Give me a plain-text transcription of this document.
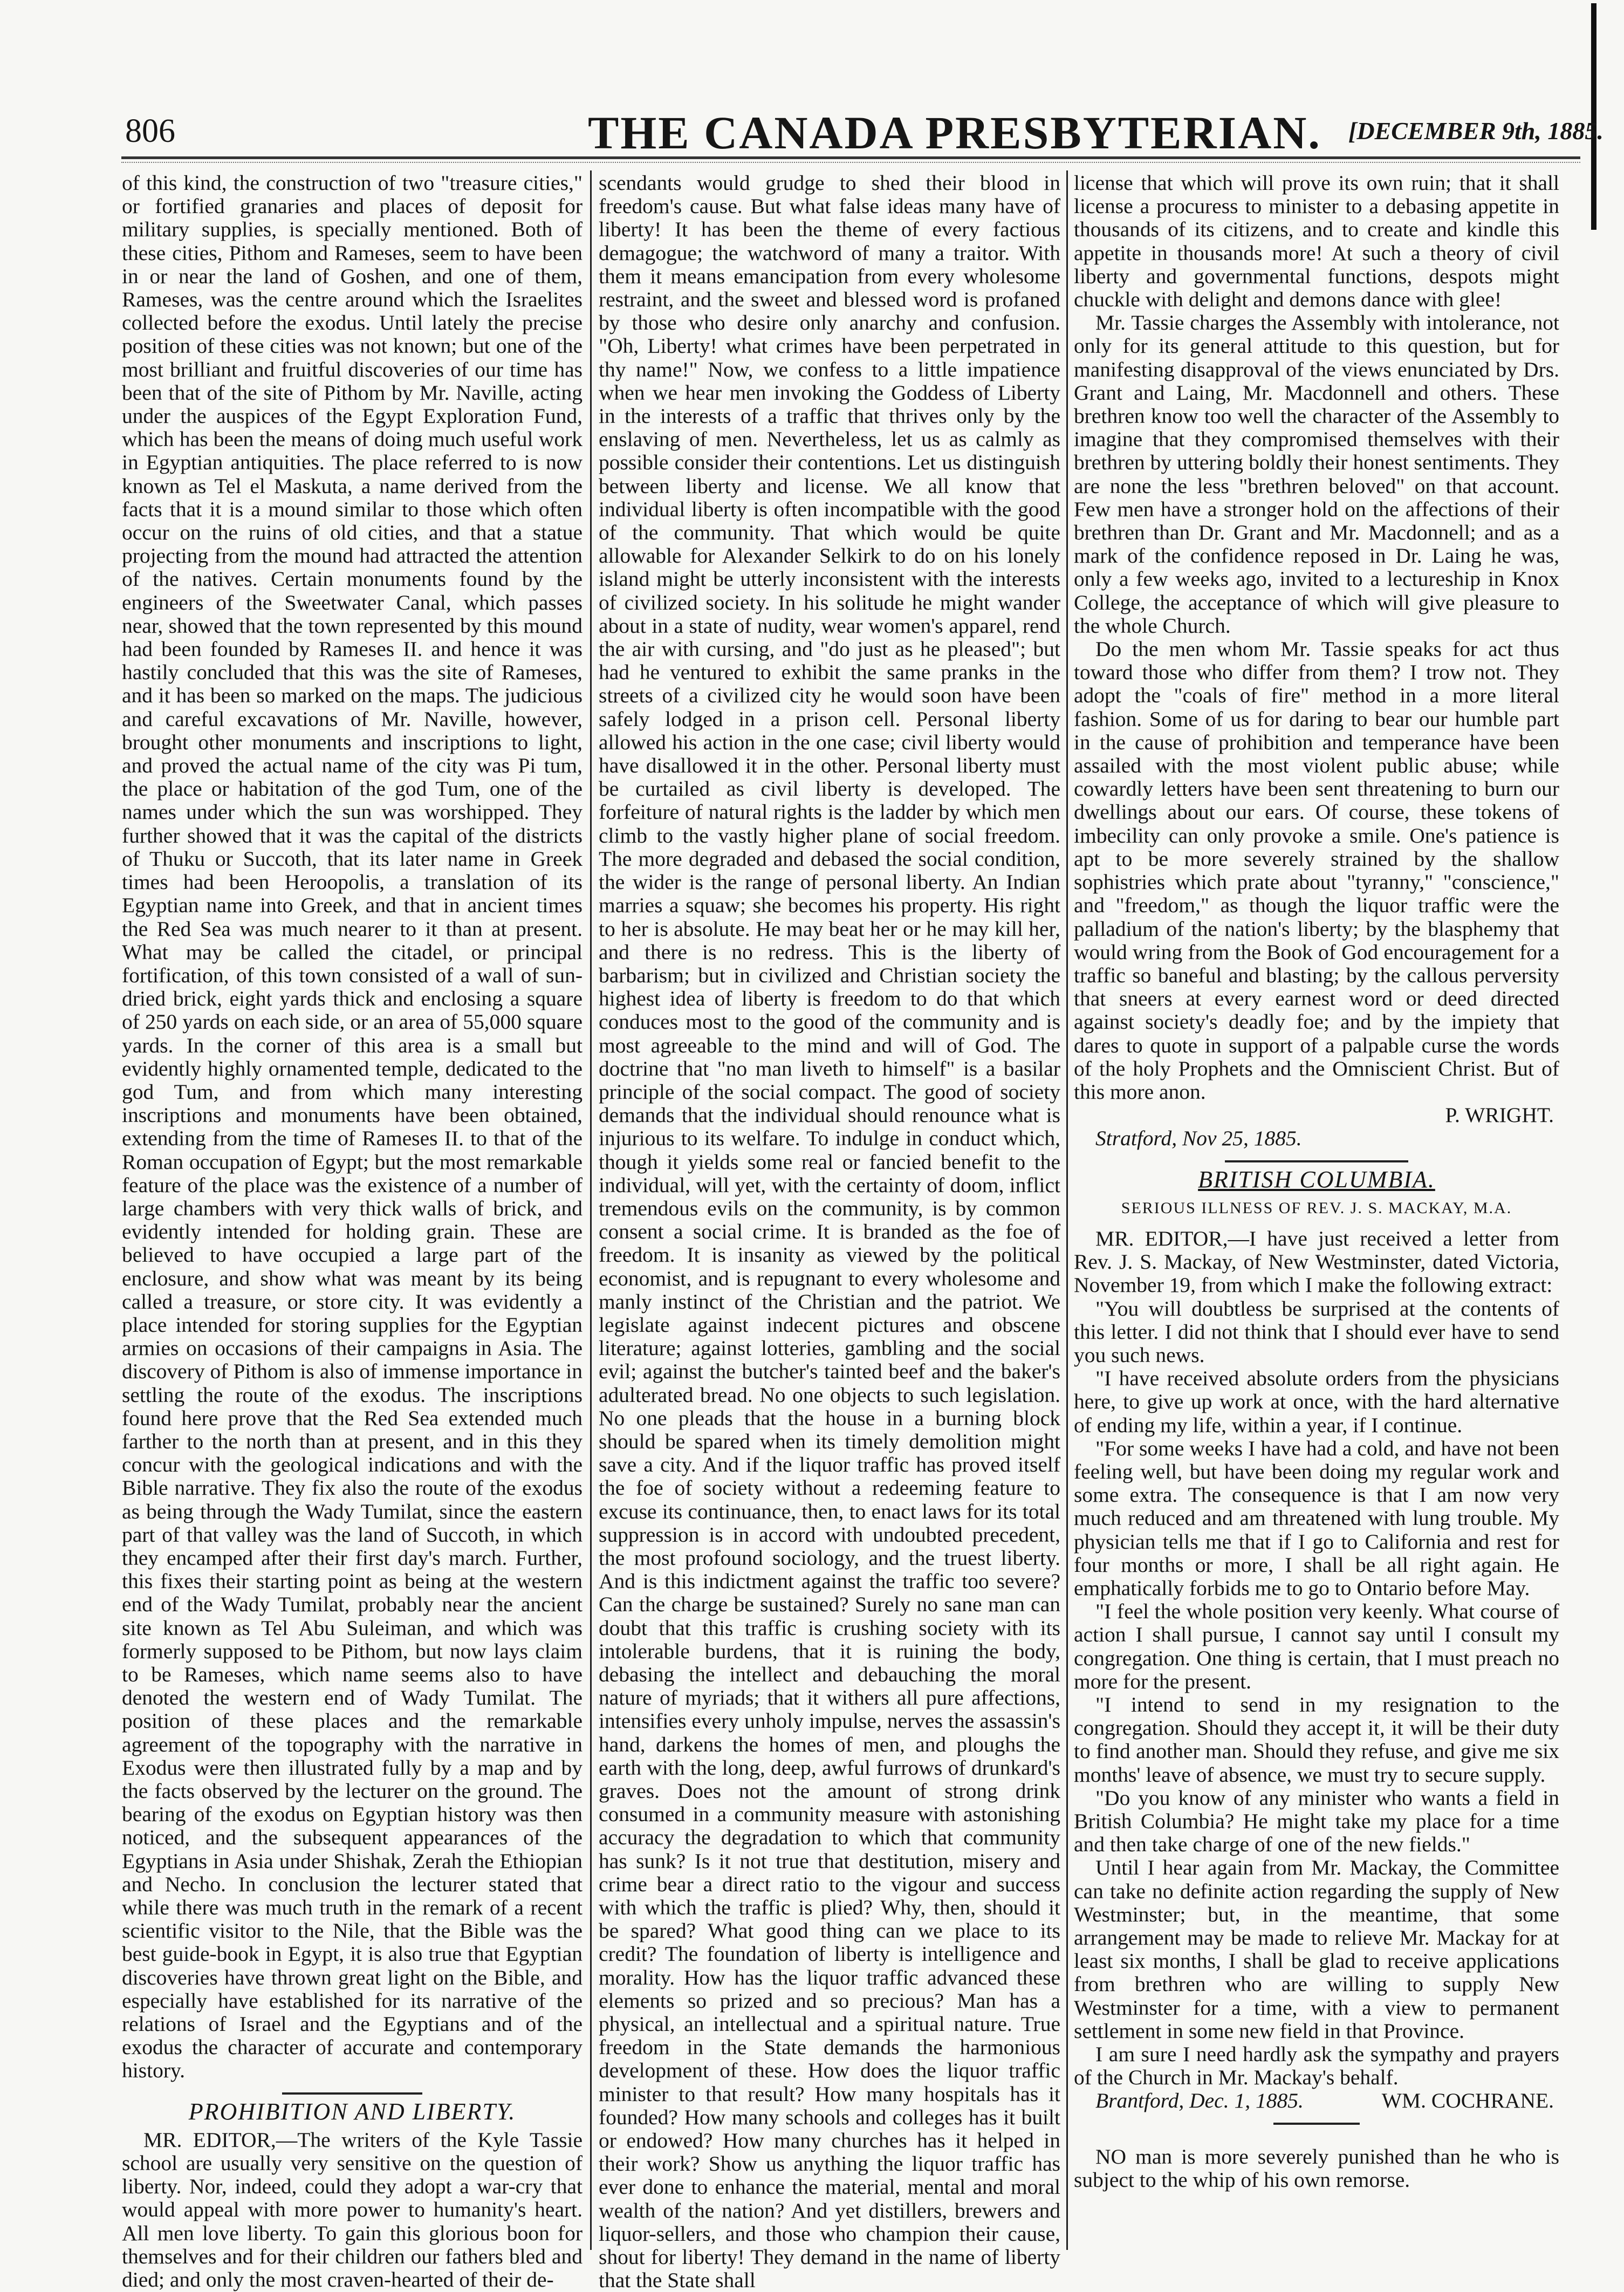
806	THE CANADA PRESBYTERIAN. [DECEMBER 9th, 1885.

of this kind, the construction of two "treasure cities," or fortified granaries and places of deposit for military supplies, is specially mentioned. Both of these cities, Pithom and Rameses, seem to have been in or near the land of Goshen, and one of them, Rameses, was the centre around which the Israelites collected before the exodus. Until lately the precise position of these cities was not known; but one of the most brilliant and fruitful discoveries of our time has been that of the site of Pithom by Mr. Naville, acting under the auspices of the Egypt Exploration Fund, which has been the means of doing much useful work in Egyptian antiquities. The place referred to is now known as Tel el Maskuta, a name derived from the facts that it is a mound similar to those which often occur on the ruins of old cities, and that a statue projecting from the mound had attracted the attention of the natives. Certain monuments found by the engineers of the Sweetwater Canal, which passes near, showed that the town represented by this mound had been founded by Rameses II. and hence it was hastily concluded that this was the site of Rameses, and it has been so marked on the maps. The judicious and careful excavations of Mr. Naville, however, brought other monuments and inscriptions to light, and proved the actual name of the city was Pi tum, the place or habitation of the god Tum, one of the names under which the sun was worshipped. They further showed that it was the capital of the districts of Thuku or Succoth, that its later name in Greek times had been Heroopolis, a translation of its Egyptian name into Greek, and that in ancient times the Red Sea was much nearer to it than at present. What may be called the citadel, or principal fortification, of this town consisted of a wall of sun-dried brick, eight yards thick and enclosing a square of 250 yards on each side, or an area of 55,000 square yards. In the corner of this area is a small but evidently highly ornamented temple, dedicated to the god Tum, and from which many interesting inscriptions and monuments have been obtained, extending from the time of Rameses II. to that of the Roman occupation of Egypt; but the most remarkable feature of the place was the existence of a number of large chambers with very thick walls of brick, and evidently intended for holding grain. These are believed to have occupied a large part of the enclosure, and show what was meant by its being called a treasure, or store city. It was evidently a place intended for storing supplies for the Egyptian armies on occasions of their campaigns in Asia. The discovery of Pithom is also of immense importance in settling the route of the exodus. The inscriptions found here prove that the Red Sea extended much farther to the north than at present, and in this they concur with the geological indications and with the Bible narrative. They fix also the route of the exodus as being through the Wady Tumilat, since the eastern part of that valley was the land of Succoth, in which they encamped after their first day's march. Further, this fixes their starting point as being at the western end of the Wady Tumilat, probably near the ancient site known as Tel Abu Suleiman, and which was formerly supposed to be Pithom, but now lays claim to be Rameses, which name seems also to have denoted the western end of Wady Tumilat. The position of these places and the remarkable agreement of the topography with the narrative in Exodus were then illustrated fully by a map and by the facts observed by the lecturer on the ground. The bearing of the exodus on Egyptian history was then noticed, and the subsequent appearances of the Egyptians in Asia under Shishak, Zerah the Ethiopian and Necho. In conclusion the lecturer stated that while there was much truth in the remark of a recent scientific visitor to the Nile, that the Bible was the best guide-book in Egypt, it is also true that Egyptian discoveries have thrown great light on the Bible, and especially have established for its narrative of the relations of Israel and the Egyptians and of the exodus the character of accurate and contemporary history.

PROHIBITION AND LIBERTY.

MR. EDITOR,—The writers of the Kyle Tassie school are usually very sensitive on the question of liberty. Nor, indeed, could they adopt a war-cry that would appeal with more power to humanity's heart. All men love liberty. To gain this glorious boon for themselves and for their children our fathers bled and died; and only the most craven-hearted of their de-

scendants would grudge to shed their blood in freedom's cause. But what false ideas many have of liberty! It has been the theme of every factious demagogue; the watchword of many a traitor. With them it means emancipation from every wholesome restraint, and the sweet and blessed word is profaned by those who desire only anarchy and confusion. "Oh, Liberty! what crimes have been perpetrated in thy name!" Now, we confess to a little impatience when we hear men invoking the Goddess of Liberty in the interests of a traffic that thrives only by the enslaving of men. Nevertheless, let us as calmly as possible consider their contentions. Let us distinguish between liberty and license. We all know that individual liberty is often incompatible with the good of the community. That which would be quite allowable for Alexander Selkirk to do on his lonely island might be utterly inconsistent with the interests of civilized society. In his solitude he might wander about in a state of nudity, wear women's apparel, rend the air with cursing, and "do just as he pleased"; but had he ventured to exhibit the same pranks in the streets of a civilized city he would soon have been safely lodged in a prison cell. Personal liberty allowed his action in the one case; civil liberty would have disallowed it in the other. Personal liberty must be curtailed as civil liberty is developed. The forfeiture of natural rights is the ladder by which men climb to the vastly higher plane of social freedom. The more degraded and debased the social condition, the wider is the range of personal liberty. An Indian marries a squaw; she becomes his property. His right to her is absolute. He may beat her or he may kill her, and there is no redress. This is the liberty of barbarism; but in civilized and Christian society the highest idea of liberty is freedom to do that which conduces most to the good of the community and is most agreeable to the mind and will of God. The doctrine that "no man liveth to himself" is a basilar principle of the social compact. The good of society demands that the individual should renounce what is injurious to its welfare. To indulge in conduct which, though it yields some real or fancied benefit to the individual, will yet, with the certainty of doom, inflict tremendous evils on the community, is by common consent a social crime. It is branded as the foe of freedom. It is insanity as viewed by the political economist, and is repugnant to every wholesome and manly instinct of the Christian and the patriot. We legislate against indecent pictures and obscene literature; against lotteries, gambling and the social evil; against the butcher's tainted beef and the baker's adulterated bread. No one objects to such legislation. No one pleads that the house in a burning block should be spared when its timely demolition might save a city. And if the liquor traffic has proved itself the foe of society without a redeeming feature to excuse its continuance, then, to enact laws for its total suppression is in accord with undoubted precedent, the most profound sociology, and the truest liberty. And is this indictment against the traffic too severe? Can the charge be sustained? Surely no sane man can doubt that this traffic is crushing society with its intolerable burdens, that it is ruining the body, debasing the intellect and debauching the moral nature of myriads; that it withers all pure affections, intensifies every unholy impulse, nerves the assassin's hand, darkens the homes of men, and ploughs the earth with the long, deep, awful furrows of drunkard's graves. Does not the amount of strong drink consumed in a community measure with astonishing accuracy the degradation to which that community has sunk? Is it not true that destitution, misery and crime bear a direct ratio to the vigour and success with which the traffic is plied? Why, then, should it be spared? What good thing can we place to its credit? The foundation of liberty is intelligence and morality. How has the liquor traffic advanced these elements so prized and so precious? Man has a physical, an intellectual and a spiritual nature. True freedom in the State demands the harmonious development of these. How does the liquor traffic minister to that result? How many hospitals has it founded? How many schools and colleges has it built or endowed? How many churches has it helped in their work? Show us anything the liquor traffic has ever done to enhance the material, mental and moral wealth of the nation? And yet distillers, brewers and liquor-sellers, and those who champion their cause, shout for liberty! They demand in the name of liberty that the State shall

license that which will prove its own ruin; that it shall license a procuress to minister to a debasing appetite in thousands of its citizens, and to create and kindle this appetite in thousands more! At such a theory of civil liberty and governmental functions, despots might chuckle with delight and demons dance with glee!

Mr. Tassie charges the Assembly with intolerance, not only for its general attitude to this question, but for manifesting disapproval of the views enunciated by Drs. Grant and Laing, Mr. Macdonnell and others. These brethren know too well the character of the Assembly to imagine that they compromised themselves with their brethren by uttering boldly their honest sentiments. They are none the less "brethren beloved" on that account. Few men have a stronger hold on the affections of their brethren than Dr. Grant and Mr. Macdonnell; and as a mark of the confidence reposed in Dr. Laing he was, only a few weeks ago, invited to a lectureship in Knox College, the acceptance of which will give pleasure to the whole Church.

Do the men whom Mr. Tassie speaks for act thus toward those who differ from them? I trow not. They adopt the "coals of fire" method in a more literal fashion. Some of us for daring to bear our humble part in the cause of prohibition and temperance have been assailed with the most violent public abuse; while cowardly letters have been sent threatening to burn our dwellings about our ears. Of course, these tokens of imbecility can only provoke a smile. One's patience is apt to be more severely strained by the shallow sophistries which prate about "tyranny," "conscience," and "freedom," as though the liquor traffic were the palladium of the nation's liberty; by the blasphemy that would wring from the Book of God encouragement for a traffic so baneful and blasting; by the callous perversity that sneers at every earnest word or deed directed against society's deadly foe; and by the impiety that dares to quote in support of a palpable curse the words of the holy Prophets and the Omniscient Christ. But of this more anon.

P. WRIGHT.

Stratford, Nov 25, 1885.

BRITISH COLUMBIA.
SERIOUS ILLNESS OF REV. J. S. MACKAY, M.A.

MR. EDITOR,—I have just received a letter from Rev. J. S. Mackay, of New Westminster, dated Victoria, November 19, from which I make the following extract:

"You will doubtless be surprised at the contents of this letter. I did not think that I should ever have to send you such news.

"I have received absolute orders from the physicians here, to give up work at once, with the hard alternative of ending my life, within a year, if I continue.

"For some weeks I have had a cold, and have not been feeling well, but have been doing my regular work and some extra. The consequence is that I am now very much reduced and am threatened with lung trouble. My physician tells me that if I go to California and rest for four months or more, I shall be all right again. He emphatically forbids me to go to Ontario before May.

"I feel the whole position very keenly. What course of action I shall pursue, I cannot say until I consult my congregation. One thing is certain, that I must preach no more for the present.

"I intend to send in my resignation to the congregation. Should they accept it, it will be their duty to find another man. Should they refuse, and give me six months' leave of absence, we must try to secure supply.

"Do you know of any minister who wants a field in British Columbia? He might take my place for a time and then take charge of one of the new fields."

Until I hear again from Mr. Mackay, the Committee can take no definite action regarding the supply of New Westminster; but, in the meantime, that some arrangement may be made to relieve Mr. Mackay for at least six months, I shall be glad to receive applications from brethren who are willing to supply New Westminster for a time, with a view to permanent settlement in some new field in that Province.

I am sure I need hardly ask the sympathy and prayers of the Church in Mr. Mackay's behalf.

Brantford, Dec. 1, 1885.	WM. COCHRANE.

NO man is more severely punished than he who is subject to the whip of his own remorse.
